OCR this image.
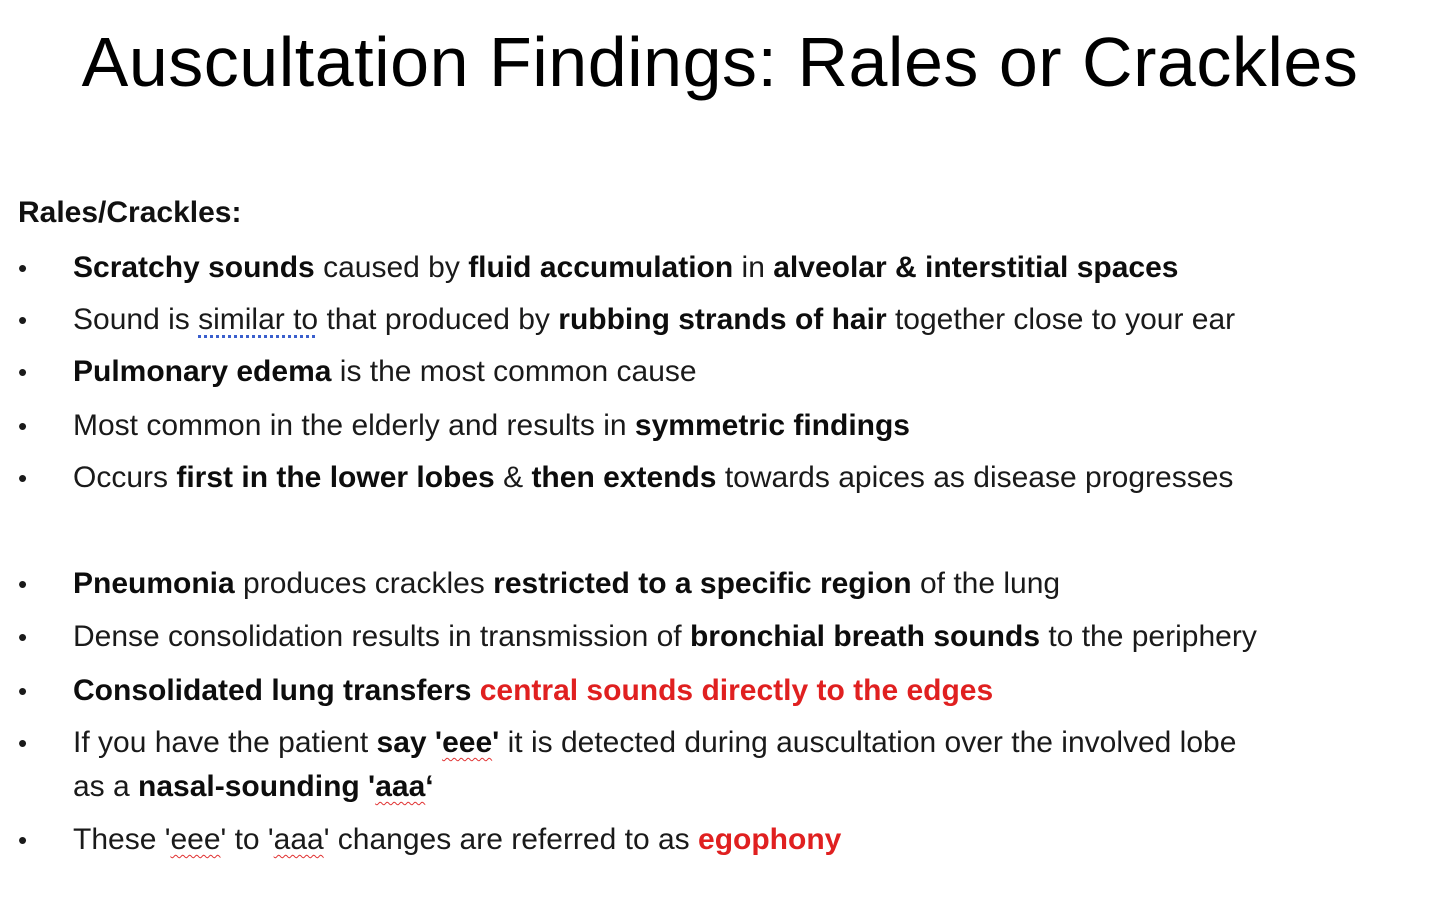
Auscultation Findings: Rales or Crackles
Rales/Crackles:
•	Scratchy sounds caused by fluid accumulation in alveolar & interstitial spaces
•	Sound is similar to that produced by rubbing strands of hair together close to your ear
•	Pulmonary edema is the most common cause
•	Most common in the elderly and results in symmetric findings
•	Occurs first in the lower lobes & then extends towards apices as disease progresses
•	Pneumonia produces crackles restricted to a specific region of the lung
•	Dense consolidation results in transmission of bronchial breath sounds to the periphery
•	Consolidated lung transfers central sounds directly to the edges
•	If you have the patient say 'eee' it is detected during auscultation over the involved lobe
as a nasal-sounding 'aaa‘
•	These 'eee' to 'aaa' changes are referred to as egophony
